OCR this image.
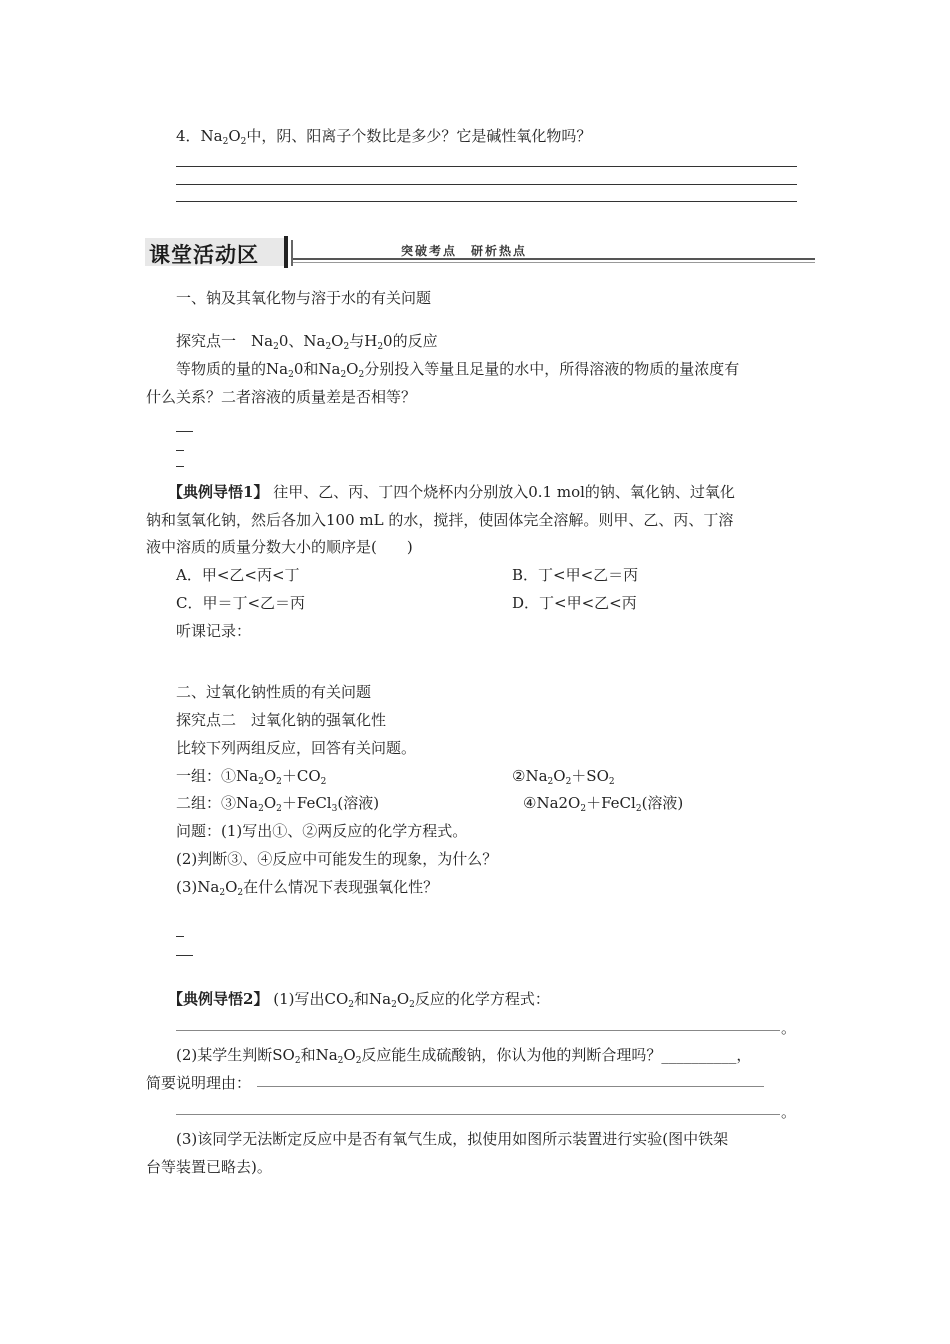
4．$Na_2O_2$中，阴、阳离子个数比是多少？它是碱性氧化物吗？
课堂活动区	突破考点　研析热点
一、钠及其氧化物与溶于水的有关问题
探究点一　$Na_20$、$Na_2O_2$与$H_20$的反应
等物质的量的$Na_20$和$Na_2O_2$分别投入等量且足量的水中，所得溶液的物质的量浓度有
什么关系？二者溶液的质量差是否相等？
【典例导悟1】 往甲、乙、丙、丁四个烧杯内分别放入0.1 mol的钠、氧化钠、过氧化
钠和氢氧化钠，然后各加入100 mL 的水，搅拌，使固体完全溶解。则甲、乙、丙、丁溶
液中溶质的质量分数大小的顺序是(　　)
A．甲<乙<丙<丁	B．丁<甲<乙＝丙
C．甲＝丁<乙＝丙	D．丁<甲<乙<丙
听课记录：
二、过氧化钠性质的有关问题
探究点二　过氧化钠的强氧化性
比较下列两组反应，回答有关问题。
一组：$①Na_2O_2+CO_2$	$②Na_2O_2+SO_2$
二组：$③Na_2O_2+FeCl_3$(溶液)	$④Na2O_2+FeCl_2$(溶液)
问题：(1)写出①、②两反应的化学方程式。
(2)判断③、④反应中可能发生的现象，为什么？
$(3)Na_2O_2$在什么情况下表现强氧化性？
【典例导悟2】 (1)写出$CO_2$和$Na_2O_2$反应的化学方程式：
。
(2)某学生判断$SO_2$和$Na_2O_2$反应能生成硫酸钠，你认为他的判断合理吗？__________，
简要说明理由：
。
(3)该同学无法断定反应中是否有氧气生成，拟使用如图所示装置进行实验(图中铁架
台等装置已略去)。
